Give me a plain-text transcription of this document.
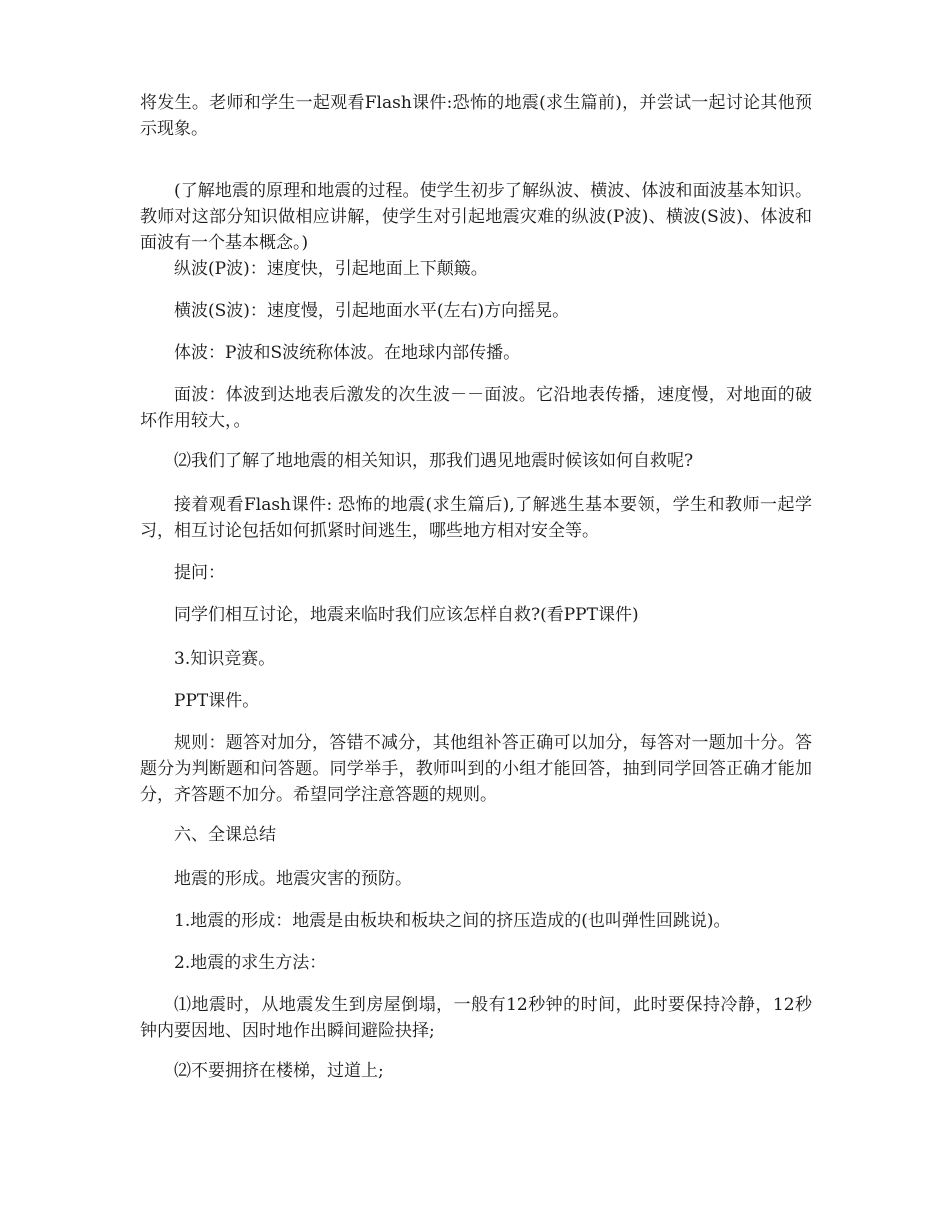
将发生。老师和学生一起观看Flash课件:恐怖的地震(求生篇前)，并尝试一起讨论其他预示现象。

(了解地震的原理和地震的过程。使学生初步了解纵波、横波、体波和面波基本知识。教师对这部分知识做相应讲解，使学生对引起地震灾难的纵波(P波)、横波(S波)、体波和面波有一个基本概念。)

纵波(P波)：速度快，引起地面上下颠簸。

横波(S波)：速度慢，引起地面水平(左右)方向摇晃。

体波：P波和S波统称体波。在地球内部传播。

面波：体波到达地表后激发的次生波－－面波。它沿地表传播，速度慢，对地面的破坏作用较大，。

⑵我们了解了地地震的相关知识，那我们遇见地震时候该如何自救呢?

接着观看Flash课件: 恐怖的地震(求生篇后),了解逃生基本要领，学生和教师一起学习，相互讨论包括如何抓紧时间逃生，哪些地方相对安全等。

提问：

同学们相互讨论，地震来临时我们应该怎样自救?(看PPT课件)

3.知识竞赛。

PPT课件。

规则：题答对加分，答错不减分，其他组补答正确可以加分，每答对一题加十分。答题分为判断题和问答题。同学举手，教师叫到的小组才能回答，抽到同学回答正确才能加分，齐答题不加分。希望同学注意答题的规则。

六、全课总结

地震的形成。地震灾害的预防。

1.地震的形成：地震是由板块和板块之间的挤压造成的(也叫弹性回跳说)。

2.地震的求生方法：

⑴地震时，从地震发生到房屋倒塌，一般有12秒钟的时间，此时要保持冷静，12秒钟内要因地、因时地作出瞬间避险抉择;

⑵不要拥挤在楼梯，过道上;
